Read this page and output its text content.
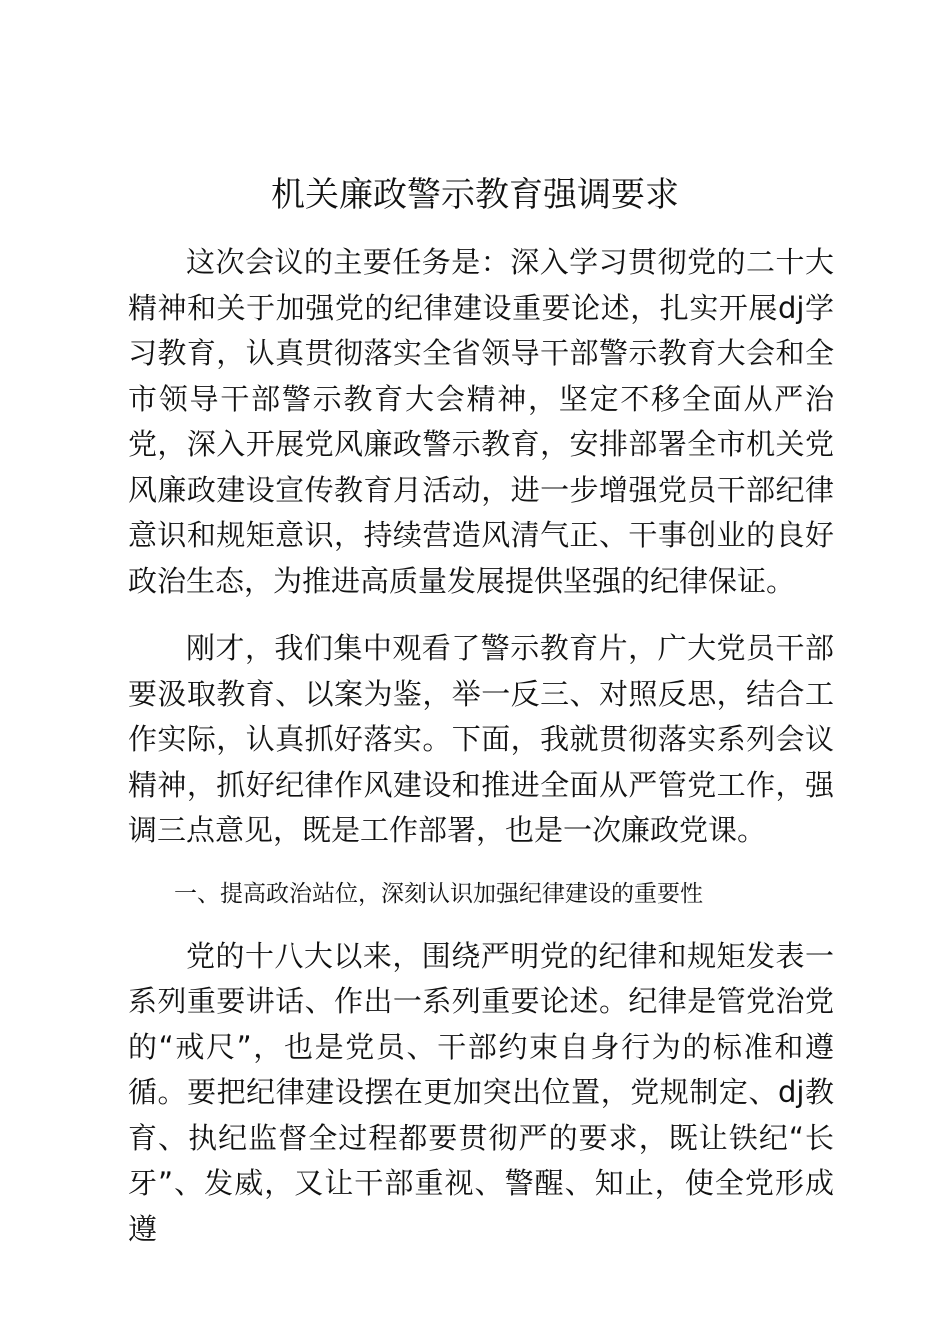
机关廉政警示教育强调要求

这次会议的主要任务是：深入学习贯彻党的二十大精神和关于加强党的纪律建设重要论述，扎实开展dj学习教育，认真贯彻落实全省领导干部警示教育大会和全市领导干部警示教育大会精神，坚定不移全面从严治党，深入开展党风廉政警示教育，安排部署全市机关党风廉政建设宣传教育月活动，进一步增强党员干部纪律意识和规矩意识，持续营造风清气正、干事创业的良好政治生态，为推进高质量发展提供坚强的纪律保证。

刚才，我们集中观看了警示教育片，广大党员干部要汲取教育、以案为鉴，举一反三、对照反思，结合工作实际，认真抓好落实。下面，我就贯彻落实系列会议精神，抓好纪律作风建设和推进全面从严管党工作，强调三点意见，既是工作部署，也是一次廉政党课。

一、提高政治站位，深刻认识加强纪律建设的重要性

党的十八大以来，围绕严明党的纪律和规矩发表一系列重要讲话、作出一系列重要论述。纪律是管党治党的“戒尺”，也是党员、干部约束自身行为的标准和遵循。要把纪律建设摆在更加突出位置，党规制定、dj教育、执纪监督全过程都要贯彻严的要求，既让铁纪“长牙”、发威，又让干部重视、警醒、知止，使全党形成遵
